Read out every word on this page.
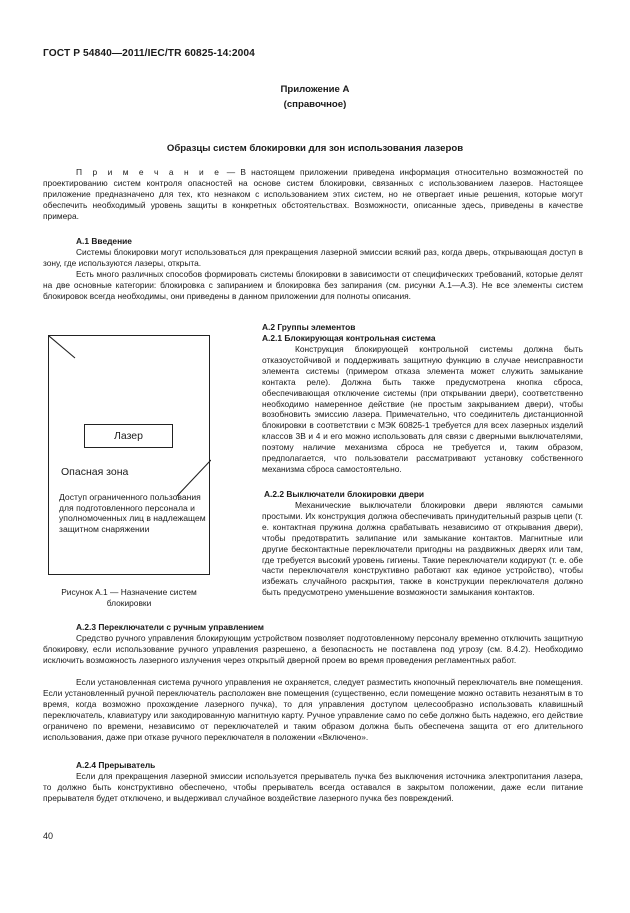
ГОСТ Р 54840—2011/IEC/TR 60825-14:2004
Приложение А
(справочное)
Образцы систем блокировки для зон использования лазеров
П р и м е ч а н и е — В настоящем приложении приведена информация относительно возможностей по проектированию систем контроля опасностей на основе систем блокировки, связанных с использованием лазеров. Настоящее приложение предназначено для тех, кто незнаком с использованием этих систем, но не отвергает иные решения, которые могут обеспечить необходимый уровень защиты в конкретных обстоятельствах. Возможности, описанные здесь, приведены в качестве примера.
А.1 Введение
Системы блокировки могут использоваться для прекращения лазерной эмиссии всякий раз, когда дверь, открывающая доступ в зону, где используются лазеры, открыта.
Есть много различных способов формировать системы блокировки в зависимости от специфических требований, которые делят на две основные категории: блокировка с запиранием и блокировка без запирания (см. рисунки А.1—А.3). Не все элементы систем блокировок всегда необходимы, они приведены в данном приложении для полноты описания.
Лазер
Опасная зона
Доступ ограниченного пользования для подготовленного персонала и уполномоченных лиц в надлежащем защитном снаряжении
Рисунок А.1 — Назначение систем блокировки
А.2 Группы элементов
А.2.1 Блокирующая контрольная система
Конструкция блокирующей контрольной системы должна быть отказоустойчивой и поддерживать защитную функцию в случае неисправности элемента системы (примером отказа элемента может служить замыкание контакта реле). Должна быть также предусмотрена кнопка сброса, обеспечивающая отключение системы (при открывании двери), соответственно необходимо намеренное действие (не простым закрыванием двери), чтобы возобновить эмиссию лазера. Примечательно, что соединитель дистанционной блокировки в соответствии с МЭК 60825-1 требуется для всех лазерных изделий классов 3B и 4 и его можно использовать для связи с дверными выключателями, поэтому наличие механизма сброса не требуется и, таким образом, предполагается, что пользователи рассматривают установку собственного механизма сброса самостоятельно.
А.2.2 Выключатели блокировки двери
Механические выключатели блокировки двери являются самыми простыми. Их конструкция должна обеспечивать принудительный разрыв цепи (т. е. контактная пружина должна срабатывать независимо от открывания двери), чтобы предотвратить залипание или замыкание контактов. Магнитные или другие бесконтактные переключатели пригодны на раздвижных дверях или там, где требуется высокий уровень гигиены. Такие переключатели кодируют (т. е. обе части переключателя конструктивно работают как единое устройство), чтобы избежать случайного раскрытия, также в конструкции переключателя должно быть предусмотрено уменьшение возможности замыкания контактов.
А.2.3 Переключатели с ручным управлением
Средство ручного управления блокирующим устройством позволяет подготовленному персоналу временно отключить защитную блокировку, если использование ручного управления разрешено, а безопасность не поставлена под угрозу (см. 8.4.2). Необходимо исключить возможность лазерного излучения через открытый дверной проем во время проведения регламентных работ.
Если установленная система ручного управления не охраняется, следует разместить кнопочный переключатель вне помещения. Если установленный ручной переключатель расположен вне помещения (существенно, если помещение можно оставить незанятым в то время, когда возможно прохождение лазерного пучка), то для управления доступом целесообразно использовать клавишный переключатель, клавиатуру или закодированную магнитную карту. Ручное управление само по себе должно быть надежно, его действие ограничено по времени, независимо от переключателей и таким образом должна быть обеспечена защита от его длительного использования, даже при отказе ручного переключателя в положении «Включено».
А.2.4 Прерыватель
Если для прекращения лазерной эмиссии используется прерыватель пучка без выключения источника электропитания лазера, то должно быть конструктивно обеспечено, чтобы прерыватель всегда оставался в закрытом положении, даже если питание прерывателя будет отключено, и выдерживал случайное воздействие лазерного пучка без повреждений.
40
